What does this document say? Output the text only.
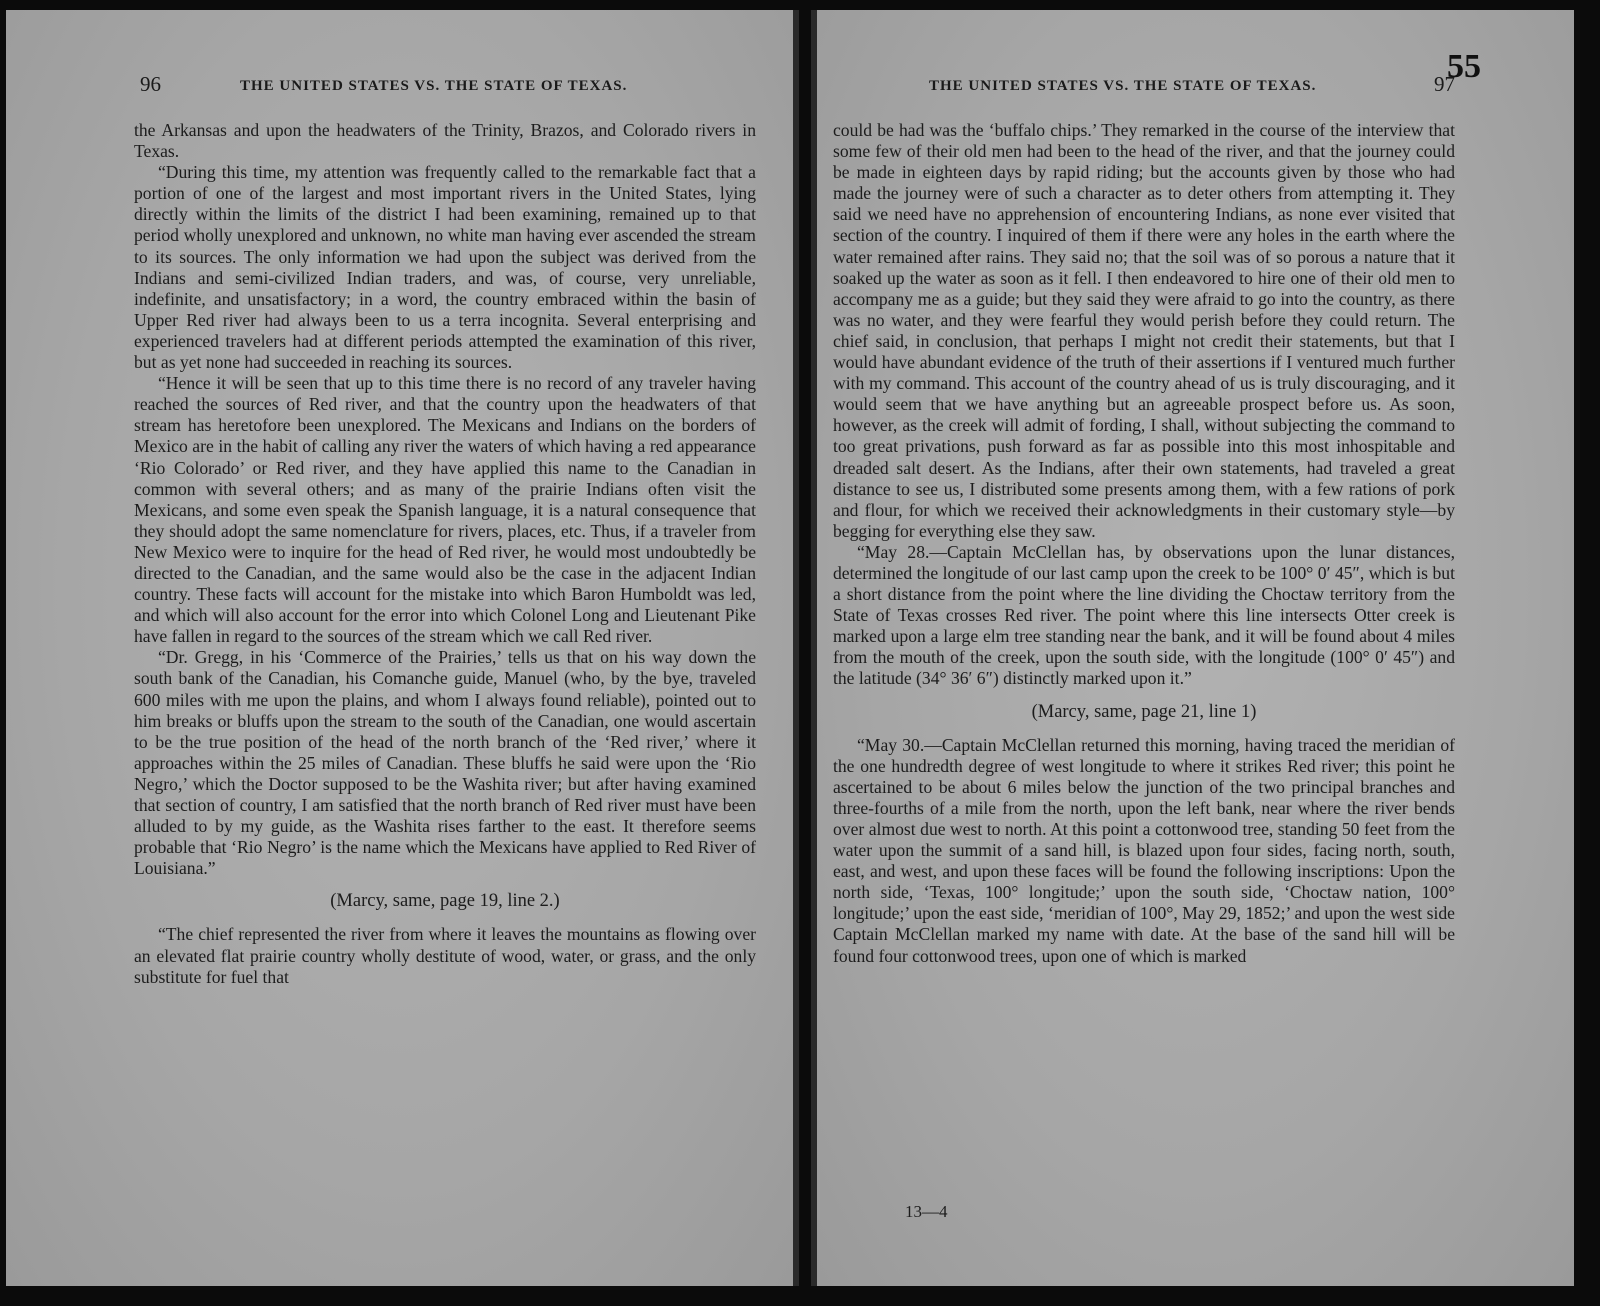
96	THE UNITED STATES VS. THE STATE OF TEXAS.

the Arkansas and upon the headwaters of the Trinity, Brazos, and Colorado rivers in Texas.

“During this time, my attention was frequently called to the remarkable fact that a portion of one of the largest and most important rivers in the United States, lying directly within the limits of the district I had been examining, remained up to that period wholly unexplored and unknown, no white man having ever ascended the stream to its sources. The only information we had upon the subject was derived from the Indians and semi-civilized Indian traders, and was, of course, very unreliable, indefinite, and unsatisfactory; in a word, the country embraced within the basin of Upper Red river had always been to us a terra incognita. Several enterprising and experienced travelers had at different periods attempted the examination of this river, but as yet none had succeeded in reaching its sources.

“Hence it will be seen that up to this time there is no record of any traveler having reached the sources of Red river, and that the country upon the headwaters of that stream has heretofore been unexplored. The Mexicans and Indians on the borders of Mexico are in the habit of calling any river the waters of which having a red appearance ‘Rio Colorado’ or Red river, and they have applied this name to the Canadian in common with several others; and as many of the prairie Indians often visit the Mexicans, and some even speak the Spanish language, it is a natural consequence that they should adopt the same nomenclature for rivers, places, etc. Thus, if a traveler from New Mexico were to inquire for the head of Red river, he would most undoubtedly be directed to the Canadian, and the same would also be the case in the adjacent Indian country. These facts will account for the mistake into which Baron Humboldt was led, and which will also account for the error into which Colonel Long and Lieutenant Pike have fallen in regard to the sources of the stream which we call Red river.

“Dr. Gregg, in his ‘Commerce of the Prairies,’ tells us that on his way down the south bank of the Canadian, his Comanche guide, Manuel (who, by the bye, traveled 600 miles with me upon the plains, and whom I always found reliable), pointed out to him breaks or bluffs upon the stream to the south of the Canadian, one would ascertain to be the true position of the head of the north branch of the ‘Red river,’ where it approaches within the 25 miles of Canadian. These bluffs he said were upon the ‘Rio Negro,’ which the Doctor supposed to be the Washita river; but after having examined that section of country, I am satisfied that the north branch of Red river must have been alluded to by my guide, as the Washita rises farther to the east. It therefore seems probable that ‘Rio Negro’ is the name which the Mexicans have applied to Red River of Louisiana.”

(Marcy, same, page 19, line 2.)

“The chief represented the river from where it leaves the mountains as flowing over an elevated flat prairie country wholly destitute of wood, water, or grass, and the only substitute for fuel that

55
THE UNITED STATES VS. THE STATE OF TEXAS.	97

could be had was the ‘buffalo chips.’ They remarked in the course of the interview that some few of their old men had been to the head of the river, and that the journey could be made in eighteen days by rapid riding; but the accounts given by those who had made the journey were of such a character as to deter others from attempting it. They said we need have no apprehension of encountering Indians, as none ever visited that section of the country. I inquired of them if there were any holes in the earth where the water remained after rains. They said no; that the soil was of so porous a nature that it soaked up the water as soon as it fell. I then endeavored to hire one of their old men to accompany me as a guide; but they said they were afraid to go into the country, as there was no water, and they were fearful they would perish before they could return. The chief said, in conclusion, that perhaps I might not credit their statements, but that I would have abundant evidence of the truth of their assertions if I ventured much further with my command. This account of the country ahead of us is truly discouraging, and it would seem that we have anything but an agreeable prospect before us. As soon, however, as the creek will admit of fording, I shall, without subjecting the command to too great privations, push forward as far as possible into this most inhospitable and dreaded salt desert. As the Indians, after their own statements, had traveled a great distance to see us, I distributed some presents among them, with a few rations of pork and flour, for which we received their acknowledgments in their customary style—by begging for everything else they saw.

“May 28.—Captain McClellan has, by observations upon the lunar distances, determined the longitude of our last camp upon the creek to be 100° 0′ 45″, which is but a short distance from the point where the line dividing the Choctaw territory from the State of Texas crosses Red river. The point where this line intersects Otter creek is marked upon a large elm tree standing near the bank, and it will be found about 4 miles from the mouth of the creek, upon the south side, with the longitude (100° 0′ 45″) and the latitude (34° 36′ 6″) distinctly marked upon it.”

(Marcy, same, page 21, line 1)

“May 30.—Captain McClellan returned this morning, having traced the meridian of the one hundredth degree of west longitude to where it strikes Red river; this point he ascertained to be about 6 miles below the junction of the two principal branches and three-fourths of a mile from the north, upon the left bank, near where the river bends over almost due west to north. At this point a cottonwood tree, standing 50 feet from the water upon the summit of a sand hill, is blazed upon four sides, facing north, south, east, and west, and upon these faces will be found the following inscriptions: Upon the north side, ‘Texas, 100° longitude;’ upon the south side, ‘Choctaw nation, 100° longitude;’ upon the east side, ‘meridian of 100°, May 29, 1852;’ and upon the west side Captain McClellan marked my name with date. At the base of the sand hill will be found four cottonwood trees, upon one of which is marked

13—4
